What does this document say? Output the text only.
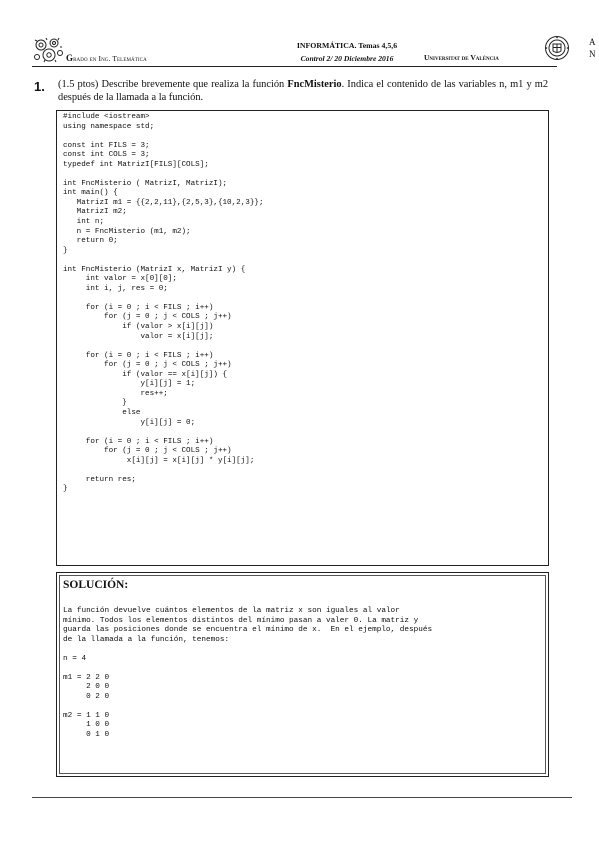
Grado en Ing. Telemática
INFORMÁTICA. Temas 4,5,6
Control 2/ 20 Diciembre 2016	Universitat de València
A
N
1. (1.5 ptos) Describe brevemente que realiza la función FncMisterio. Indica el contenido de las variables n, m1 y m2 después de la llamada a la función.
#include <iostream>
using namespace std;

const int FILS = 3;
const int COLS = 3;
typedef int MatrizI[FILS][COLS];

int FncMisterio ( MatrizI, MatrizI);
int main() {
MatrizI m1 = {{2,2,11},{2,5,3},{10,2,3}};
MatrizI m2;
int n;
n = FncMisterio (m1, m2);
return 0;
}

int FncMisterio (MatrizI x, MatrizI y) {
int valor = x[0][0];
int i, j, res = 0;

for (i = 0 ; i < FILS ; i++)
for (j = 0 ; j < COLS ; j++)
if (valor > x[i][j])
valor = x[i][j];

for (i = 0 ; i < FILS ; i++)
for (j = 0 ; j < COLS ; j++)
if (valor == x[i][j]) {
y[i][j] = 1;
res++;
}
else
y[i][j] = 0;

for (i = 0 ; i < FILS ; i++)
for (j = 0 ; j < COLS ; j++)
x[i][j] = x[i][j] * y[i][j];

return res;
}
SOLUCIÓN:
La función devuelve cuántos elementos de la matriz x son iguales al valor
mínimo. Todos los elementos distintos del mínimo pasan a valer 0. La matriz y
guarda las posiciones donde se encuentra el mínimo de x.  En el ejemplo, después
de la llamada a la función, tenemos:

n = 4

m1 = 2 2 0
2 0 0
0 2 0

m2 = 1 1 0
1 0 0
0 1 0
